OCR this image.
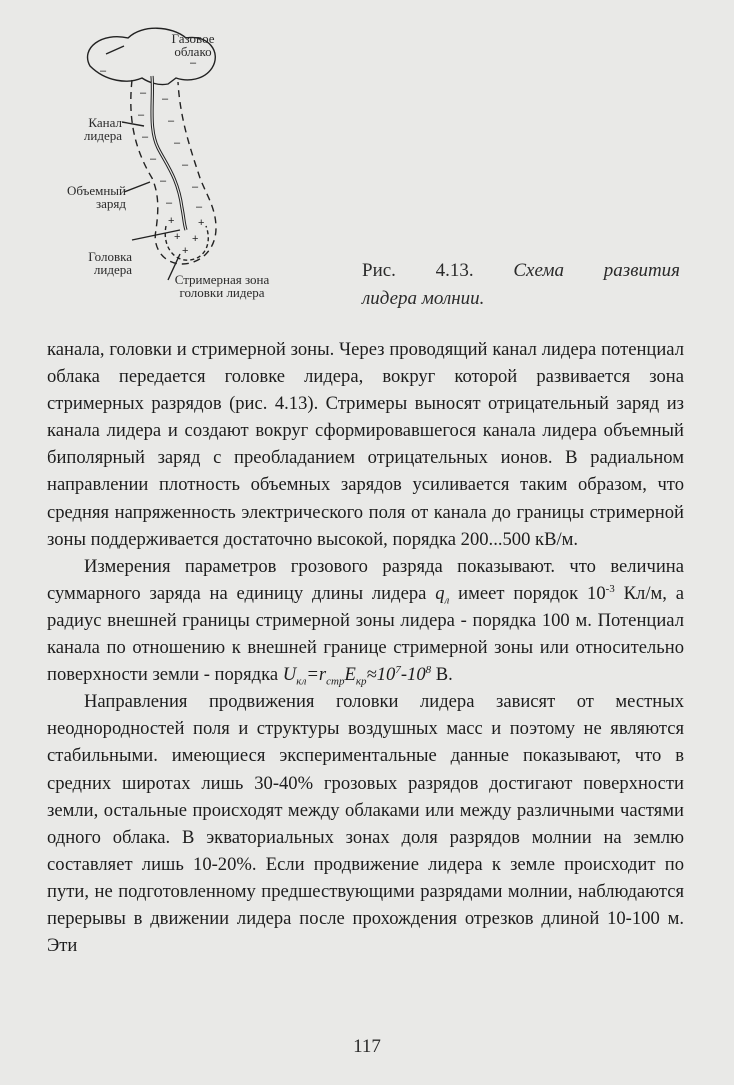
– –
– –
– –
– –
– –
– –
+ +
+ +
+
–
–
Газовое
облако
Канал
лидера
Объемный
заряд
Головка
лидера
Стримерная зона
головки лидера
Рис. 4.13. Схема развития
лидера молнии.

канала, головки и стримерной зоны. Через проводящий канал лидера потенциал облака передается головке лидера, вокруг которой развивается зона стримерных разрядов (рис. 4.13). Стримеры выносят отрицательный заряд из канала лидера и создают вокруг сформировавшегося канала лидера объемный биполярный заряд с преобладанием отрицательных ионов. В радиальном направлении плотность объемных зарядов усиливается таким образом, что средняя напряженность электрического поля от канала до границы стримерной зоны поддерживается достаточно высокой, порядка 200...500 кВ/м.

Измерения параметров грозового разряда показывают. что величина суммарного заряда на единицу длины лидера $q_л$ имеет порядок $10^{-3}$ Кл/м, а радиус внешней границы стримерной зоны лидера - порядка 100 м. Потенциал канала по отношению к внешней границе стримерной зоны или относительно поверхности земли - порядка $U_{кл}=r_{стр}E_{кр}\approx 10^7-10^8$ В.

Направления продвижения головки лидера зависят от местных неоднородностей поля и структуры воздушных масс и поэтому не являются стабильными. имеющиеся экспериментальные данные показывают, что в средних широтах лишь 30-40% грозовых разрядов достигают поверхности земли, остальные происходят между облаками или между различными частями одного облака. В экваториальных зонах доля разрядов молнии на землю составляет лишь 10-20%. Если продвижение лидера к земле происходит по пути, не подготовленному предшествующими разрядами молнии, наблюдаются перерывы в движении лидера после прохождения отрезков длиной 10-100 м. Эти

117
